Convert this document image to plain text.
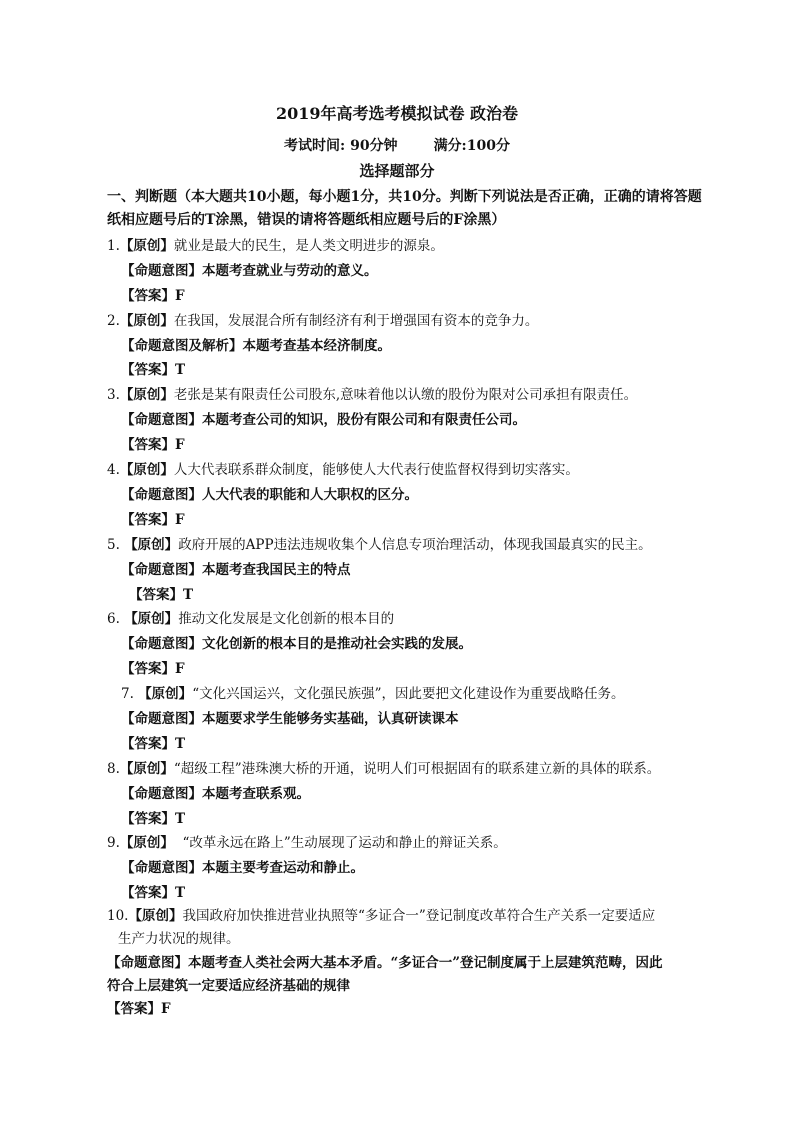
2019年高考选考模拟试卷 政治卷
考试时间: 90分钟	满分:100分
选择题部分
一、判断题（本大题共10小题，每小题1分，共10分。判断下列说法是否正确，正确的请将答题纸相应题号后的T涂黑，错误的请将答题纸相应题号后的F涂黑）
1.【原创】就业是最大的民生，是人类文明进步的源泉。
【命题意图】本题考查就业与劳动的意义。
【答案】F
2.【原创】在我国，发展混合所有制经济有利于增强国有资本的竞争力。
【命题意图及解析】本题考查基本经济制度。
【答案】T
3.【原创】老张是某有限责任公司股东,意味着他以认缴的股份为限对公司承担有限责任。
【命题意图】本题考查公司的知识，股份有限公司和有限责任公司。
【答案】F
4.【原创】人大代表联系群众制度，能够使人大代表行使监督权得到切实落实。
【命题意图】人大代表的职能和人大职权的区分。
【答案】F
5. 【原创】政府开展的APP违法违规收集个人信息专项治理活动，体现我国最真实的民主。
【命题意图】本题考查我国民主的特点
【答案】T
6. 【原创】推动文化发展是文化创新的根本目的
【命题意图】文化创新的根本目的是推动社会实践的发展。
【答案】F
7. 【原创】“文化兴国运兴，文化强民族强”，因此要把文化建设作为重要战略任务。
【命题意图】本题要求学生能够务实基础，认真研读课本
【答案】T
8.【原创】“超级工程”港珠澳大桥的开通，说明人们可根据固有的联系建立新的具体的联系。
【命题意图】本题考查联系观。
【答案】T
9.【原创】 “改革永远在路上”生动展现了运动和静止的辩证关系。
【命题意图】本题主要考查运动和静止。
【答案】T
10.【原创】我国政府加快推进营业执照等“多证合一”登记制度改革符合生产关系一定要适应
生产力状况的规律。
【命题意图】本题考查人类社会两大基本矛盾。“多证合一”登记制度属于上层建筑范畴，因此
符合上层建筑一定要适应经济基础的规律
【答案】F
